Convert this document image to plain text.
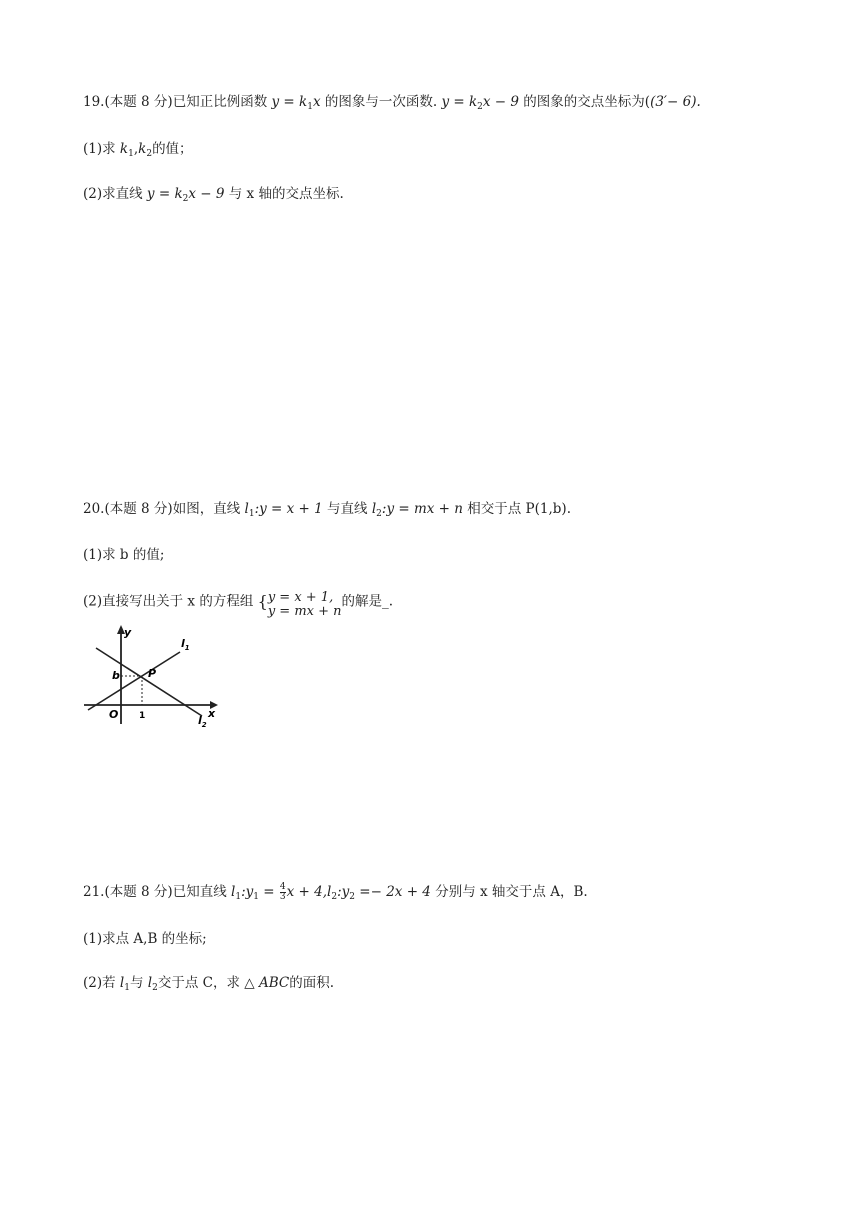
19.(本题 8 分)已知正比例函数 $y = k_1x$ 的图象与一次函数. $y = k_2x - 9$ 的图象的交点坐标为((3′− 6).
(1)求 $k_1,k_2$的值；
(2)求直线 $y = k_2x - 9$ 与 x 轴的交点坐标.
20.(本题 8 分)如图，直线 $l_1:y = x + 1$ 与直线 $l_2:y$ = mx + n 相交于点 P(1,b).
(1)求 b 的值;
(2)直接写出关于 x 的方程组 { y = x + 1,
y = mx + n
的解是_.
y
x
O 1
b	P
$l_1$
$l_2$
21.(本题 8 分)已知直线 $l_1:y_1 = \frac{4}{3}$ $x + 4,l_2:y_2 =- 2x + 4$ 分别与 x 轴交于点 A，B.
(1)求点 A,B 的坐标;
(2)若 $l_1$与 $l_2$交于点 C，求 △ ABC的面积.
